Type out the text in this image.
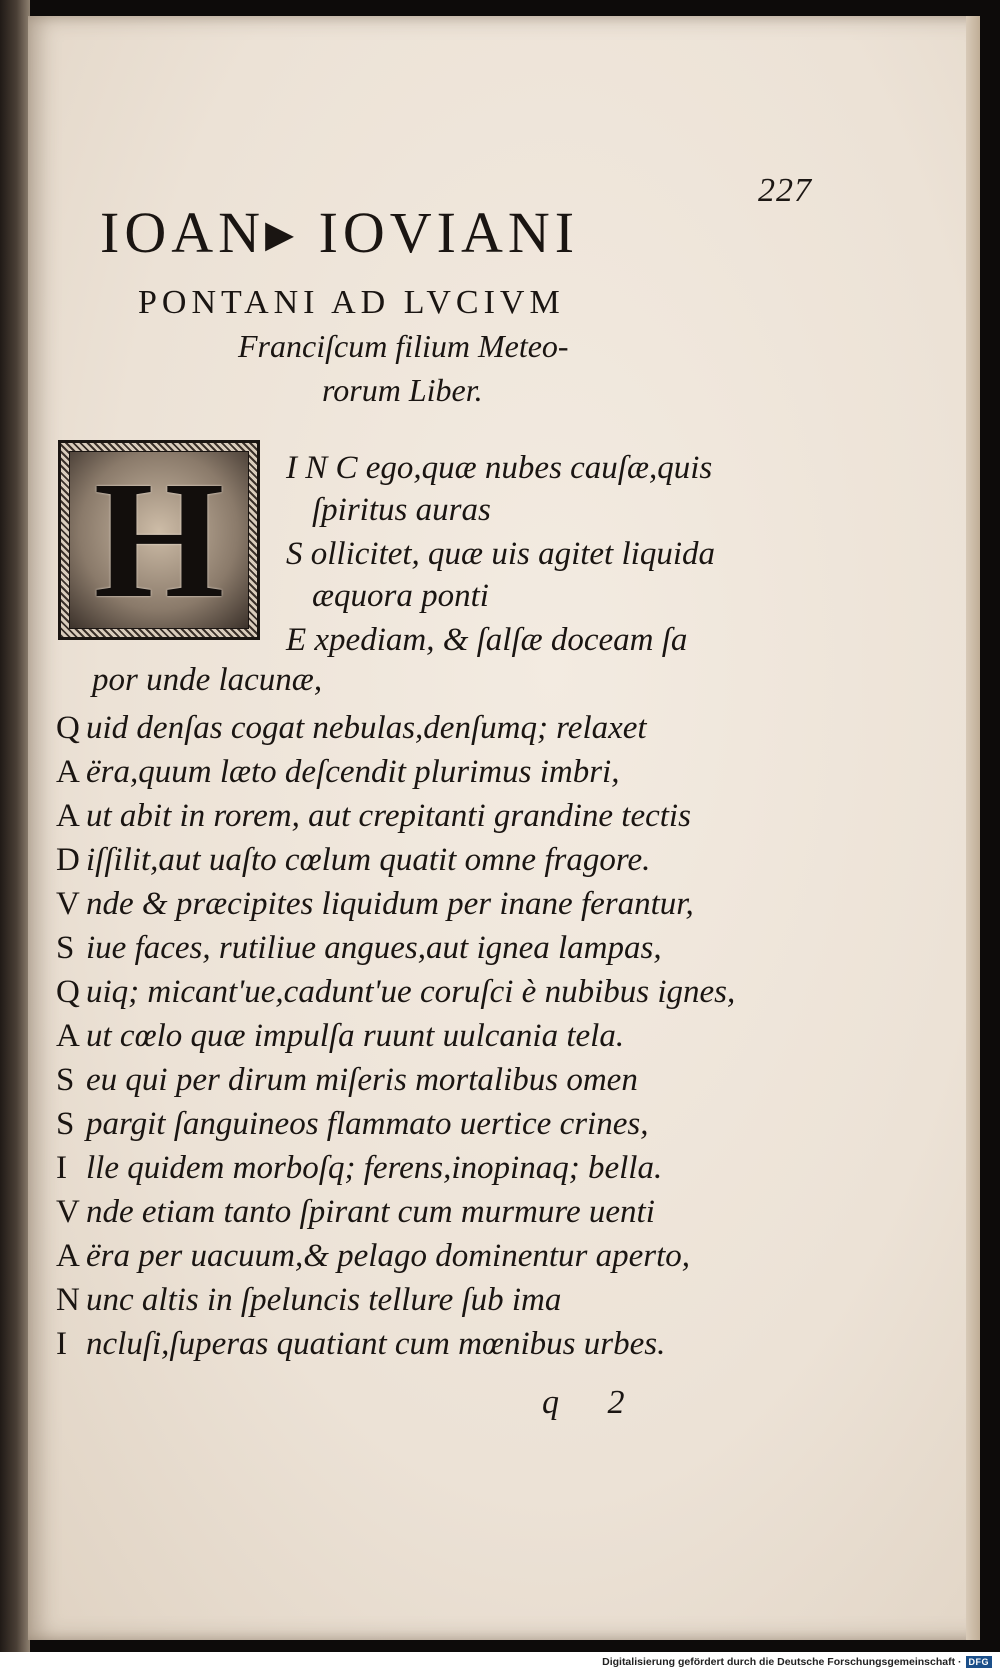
227
IOAN▸ IOVIANI
PONTANI AD LVCIVM
Franciſcum filium Meteo-
rorum Liber.
H I N C ego,quæ nubes cauſæ,quis
ſpiritus auras
S ollicitet, quæ uis agitet liquida
æquora ponti
E xpediam, & ſalſæ doceam ſa
por unde lacunæ,
Q uid denſas cogat nebulas,denſumq; relaxet
A ëra,quum læto deſcendit plurimus imbri,
A ut abit in rorem, aut crepitanti grandine tectis
D iſſilit,aut uaſto cœlum quatit omne fragore.
V nde & præcipites liquidum per inane ferantur,
S iue faces, rutiliue angues,aut ignea lampas,
Q uiq; micant'ue,cadunt'ue coruſci è nubibus ignes,
A ut cœlo quæ impulſa ruunt uulcania tela.
S eu qui per dirum miſeris mortalibus omen
S pargit ſanguineos flammato uertice crines,
I lle quidem morboſq; ferens,inopinaq; bella.
V nde etiam tanto ſpirant cum murmure uenti
A ëra per uacuum,& pelago dominentur aperto,
N unc altis in ſpeluncis tellure ſub ima
I ncluſi,ſuperas quatiant cum mœnibus urbes.
q 2
Digitalisierung gefördert durch die Deutsche Forschungsgemeinschaft · DFG
